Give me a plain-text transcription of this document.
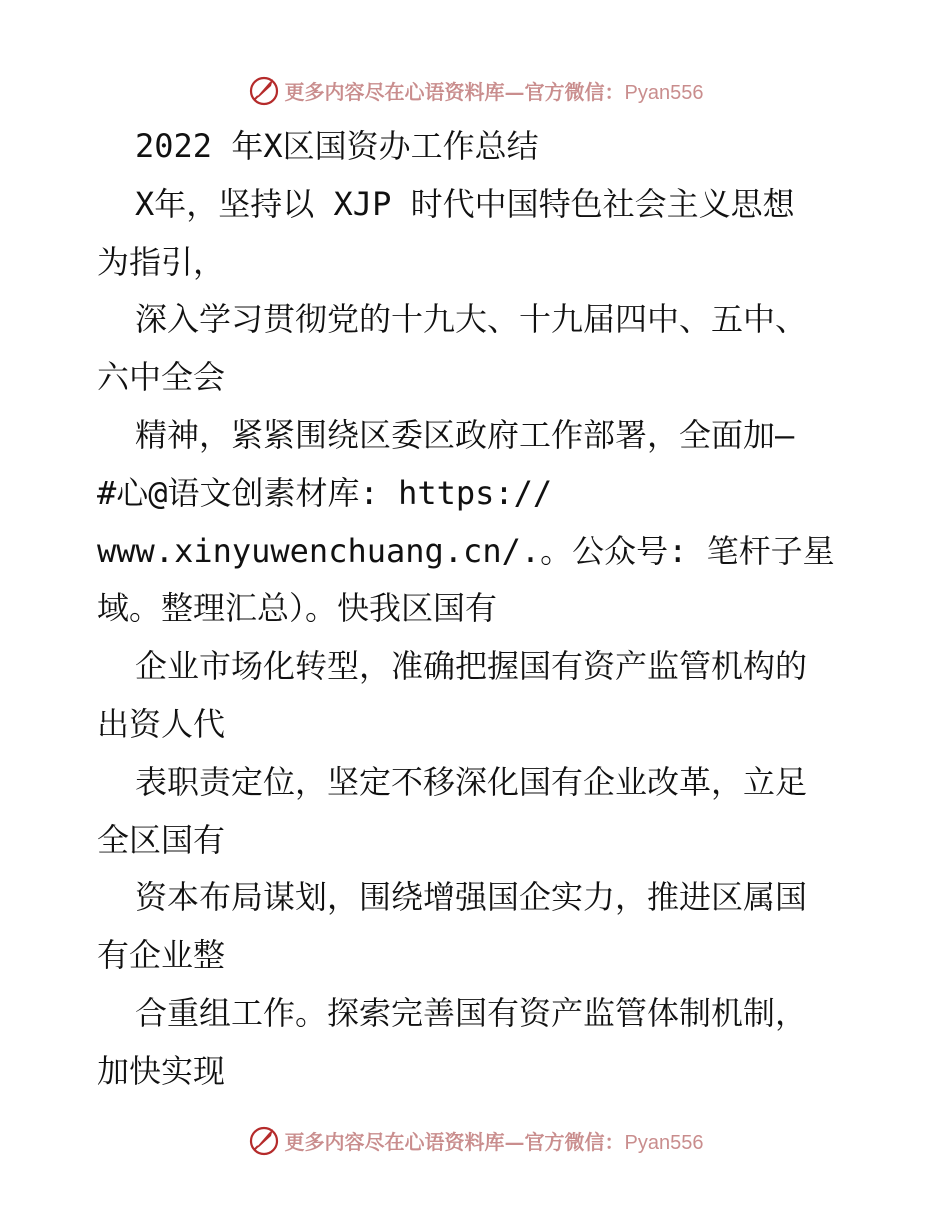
更多内容尽在心语资料库—官方微信：Pyan556
2022 年X区国资办工作总结
X年，坚持以 XJP 时代中国特色社会主义思想
为指引，
深入学习贯彻党的十九大、十九届四中、五中、
六中全会
精神，紧紧围绕区委区政府工作部署，全面加—
#心@语文创素材库: https://
www.xinyuwenchuang.cn/.。公众号: 笔杆子星
域。整理汇总）。快我区国有
企业市场化转型，准确把握国有资产监管机构的
出资人代
表职责定位，坚定不移深化国有企业改革，立足
全区国有
资本布局谋划，围绕增强国企实力，推进区属国
有企业整
合重组工作。探索完善国有资产监管体制机制，
加快实现
更多内容尽在心语资料库—官方微信：Pyan556
